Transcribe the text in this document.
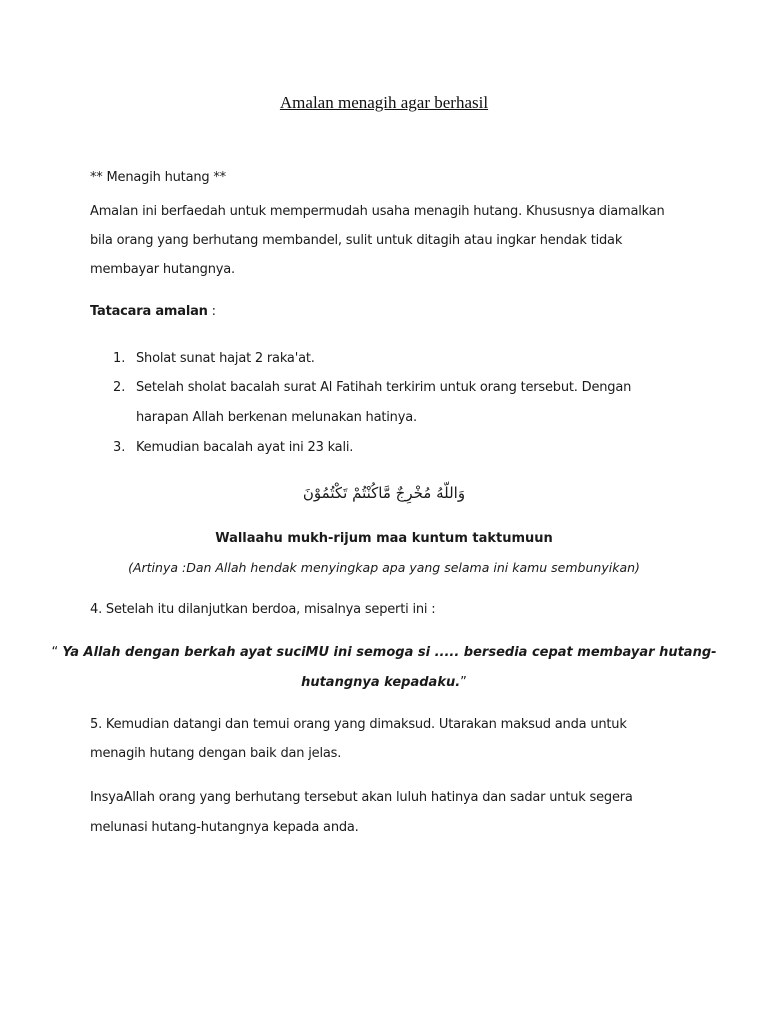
Amalan menagih agar berhasil
** Menagih hutang **
Amalan ini berfaedah untuk mempermudah usaha menagih hutang. Khususnya diamalkan
bila orang yang berhutang membandel, sulit untuk ditagih atau ingkar hendak tidak
membayar hutangnya.
Tatacara amalan :
1. Sholat sunat hajat 2 raka'at.
2. Setelah sholat bacalah surat Al Fatihah terkirim untuk orang tersebut. Dengan
harapan Allah berkenan melunakan hatinya.
3. Kemudian bacalah ayat ini 23 kali.
وَاللّهُ مُخْرِجٌ مَّاكُنْتُمْ تَكْتُمُوْنَ
Wallaahu mukh-rijum maa kuntum taktumuun
(Artinya :Dan Allah hendak menyingkap apa yang selama ini kamu sembunyikan)
4. Setelah itu dilanjutkan berdoa, misalnya seperti ini :
“ Ya Allah dengan berkah ayat suciMU ini semoga si ..... bersedia cepat membayar hutang-
hutangnya kepadaku.”
5. Kemudian datangi dan temui orang yang dimaksud. Utarakan maksud anda untuk
menagih hutang dengan baik dan jelas.
InsyaAllah orang yang berhutang tersebut akan luluh hatinya dan sadar untuk segera
melunasi hutang-hutangnya kepada anda.
